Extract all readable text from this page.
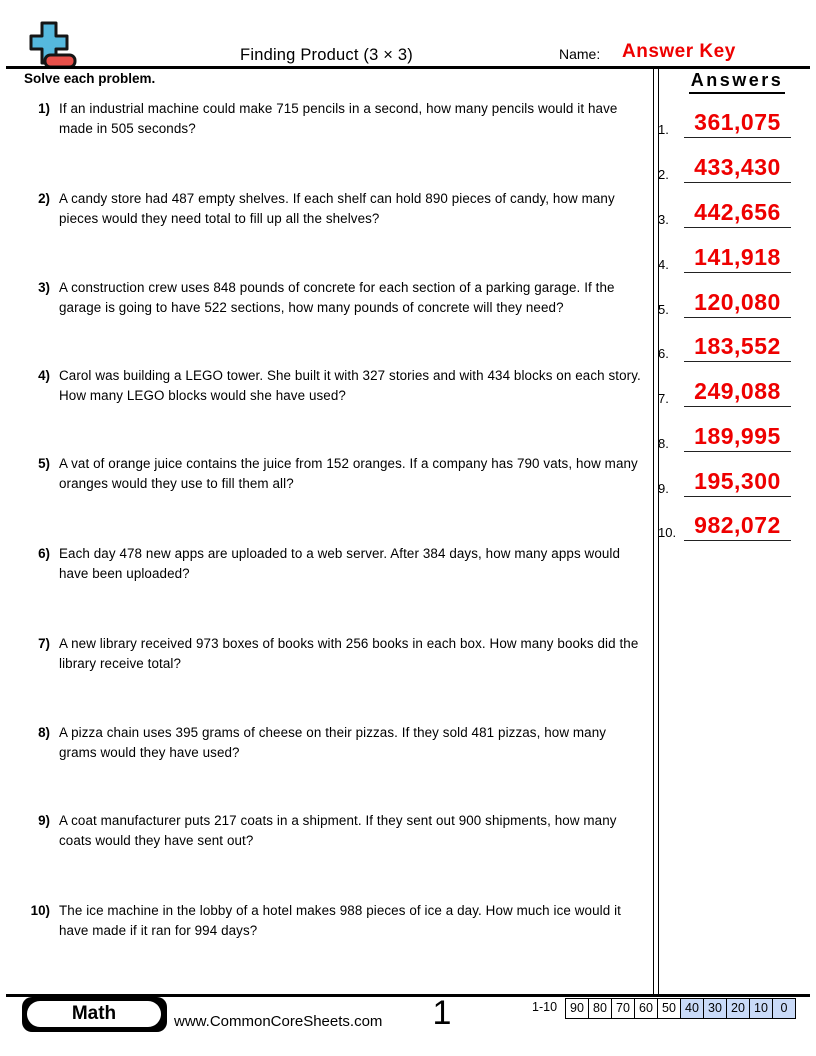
Finding Product (3 × 3)	Name: Answer Key
Solve each problem.
1) If an industrial machine could make 715 pencils in a second, how many pencils would it have made in 505 seconds?
2) A candy store had 487 empty shelves. If each shelf can hold 890 pieces of candy, how many pieces would they need total to fill up all the shelves?
3) A construction crew uses 848 pounds of concrete for each section of a parking garage. If the garage is going to have 522 sections, how many pounds of concrete will they need?
4) Carol was building a LEGO tower. She built it with 327 stories and with 434 blocks on each story. How many LEGO blocks would she have used?
5) A vat of orange juice contains the juice from 152 oranges. If a company has 790 vats, how many oranges would they use to fill them all?
6) Each day 478 new apps are uploaded to a web server. After 384 days, how many apps would have been uploaded?
7) A new library received 973 boxes of books with 256 books in each box. How many books did the library receive total?
8) A pizza chain uses 395 grams of cheese on their pizzas. If they sold 481 pizzas, how many grams would they have used?
9) A coat manufacturer puts 217 coats in a shipment. If they sent out 900 shipments, how many coats would they have sent out?
10) The ice machine in the lobby of a hotel makes 988 pieces of ice a day. How much ice would it have made if it ran for 994 days?
Answers
1.	361,075
2.	433,430
3.	442,656
4.	141,918
5.	120,080
6.	183,552
7.	249,088
8.	189,995
9.	195,300
10. 982,072
Math	www.CommonCoreSheets.com	1	1-10	90 80 70 60 50 40 30 20 10	0
